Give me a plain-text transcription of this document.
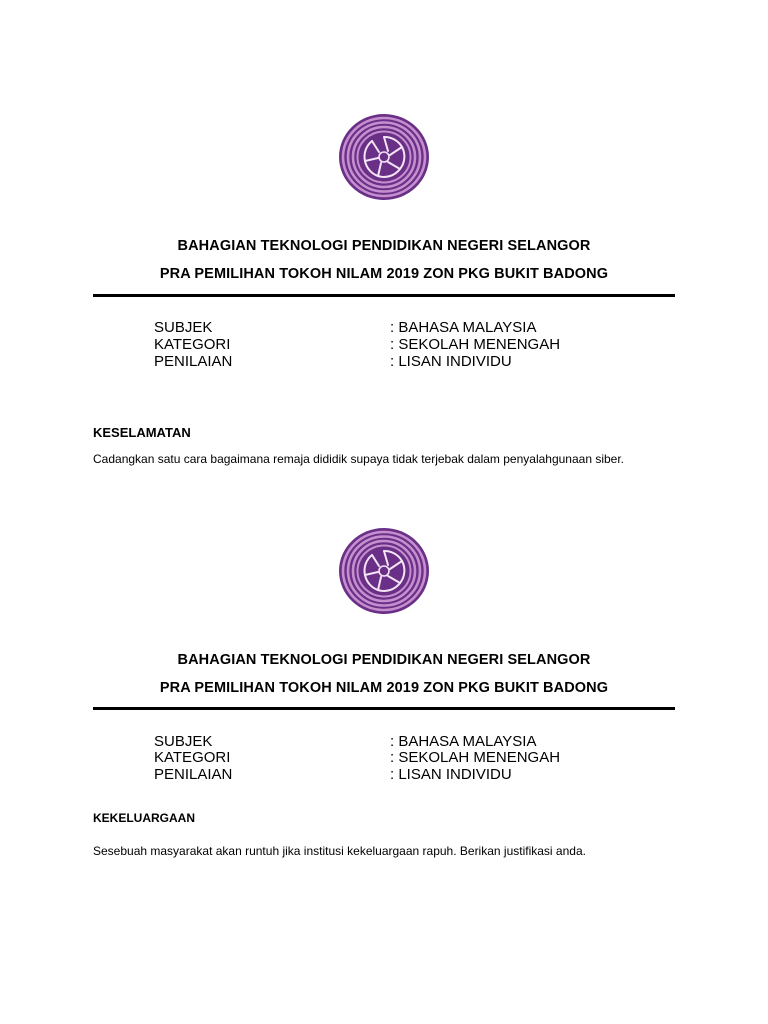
BAHAGIAN TEKNOLOGI PENDIDIKAN NEGERI SELANGOR
PRA PEMILIHAN TOKOH NILAM 2019 ZON PKG BUKIT BADONG
SUBJEK	: BAHASA MALAYSIA
KATEGORI	: SEKOLAH MENENGAH
PENILAIAN	: LISAN INDIVIDU
KESELAMATAN
Cadangkan satu cara bagaimana remaja dididik supaya tidak terjebak dalam penyalahgunaan siber.
BAHAGIAN TEKNOLOGI PENDIDIKAN NEGERI SELANGOR
PRA PEMILIHAN TOKOH NILAM 2019 ZON PKG BUKIT BADONG
SUBJEK	: BAHASA MALAYSIA
KATEGORI	: SEKOLAH MENENGAH
PENILAIAN	: LISAN INDIVIDU
KEKELUARGAAN
Sesebuah masyarakat akan runtuh jika institusi kekeluargaan rapuh. Berikan justifikasi anda.
